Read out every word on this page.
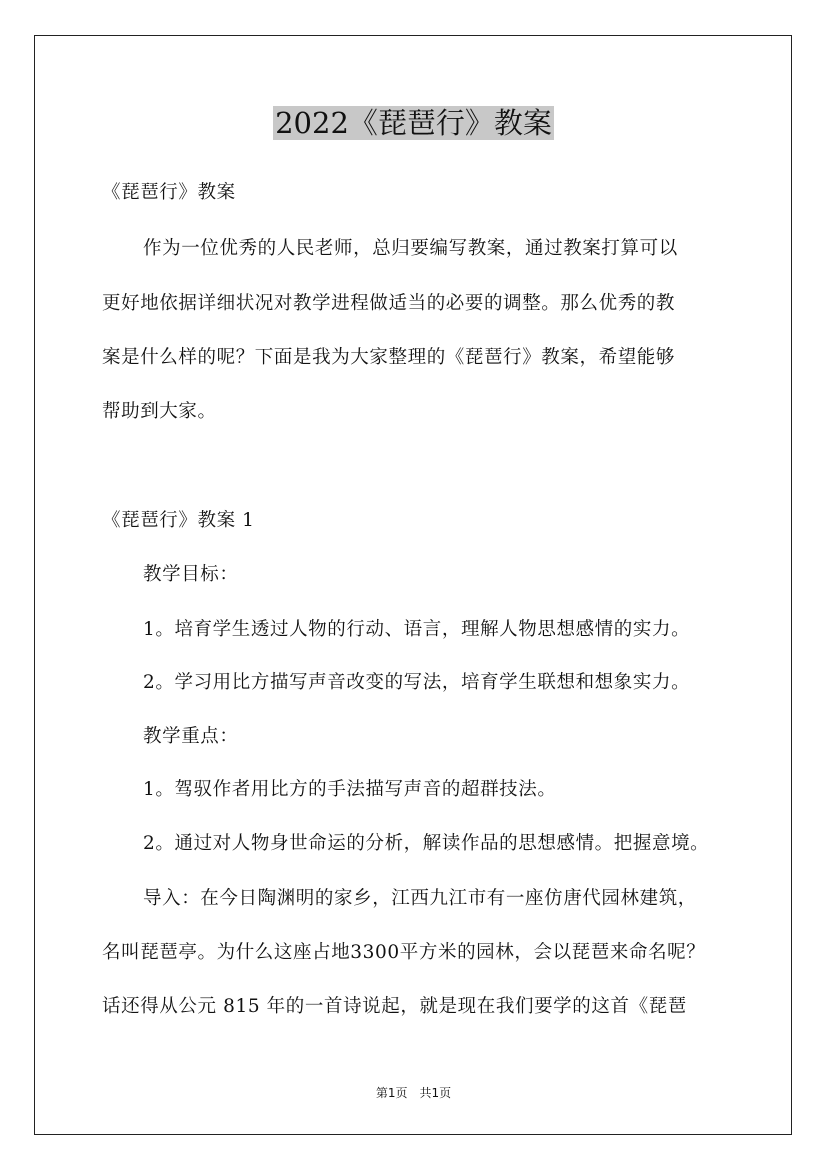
2022《琵琶行》教案
《琵琶行》教案
作为一位优秀的人民老师，总归要编写教案，通过教案打算可以
更好地依据详细状况对教学进程做适当的必要的调整。那么优秀的教
案是什么样的呢？下面是我为大家整理的《琵琶行》教案，希望能够
帮助到大家。
《琵琶行》教案 1
教学目标：
1。培育学生透过人物的行动、语言，理解人物思想感情的实力。
2。学习用比方描写声音改变的写法，培育学生联想和想象实力。
教学重点：
1。驾驭作者用比方的手法描写声音的超群技法。
2。通过对人物身世命运的分析，解读作品的思想感情。把握意境。
导入：在今日陶渊明的家乡，江西九江市有一座仿唐代园林建筑，
名叫琵琶亭。为什么这座占地3300平方米的园林，会以琵琶来命名呢？
话还得从公元 815 年的一首诗说起，就是现在我们要学的这首《琵琶
第1页　共1页
